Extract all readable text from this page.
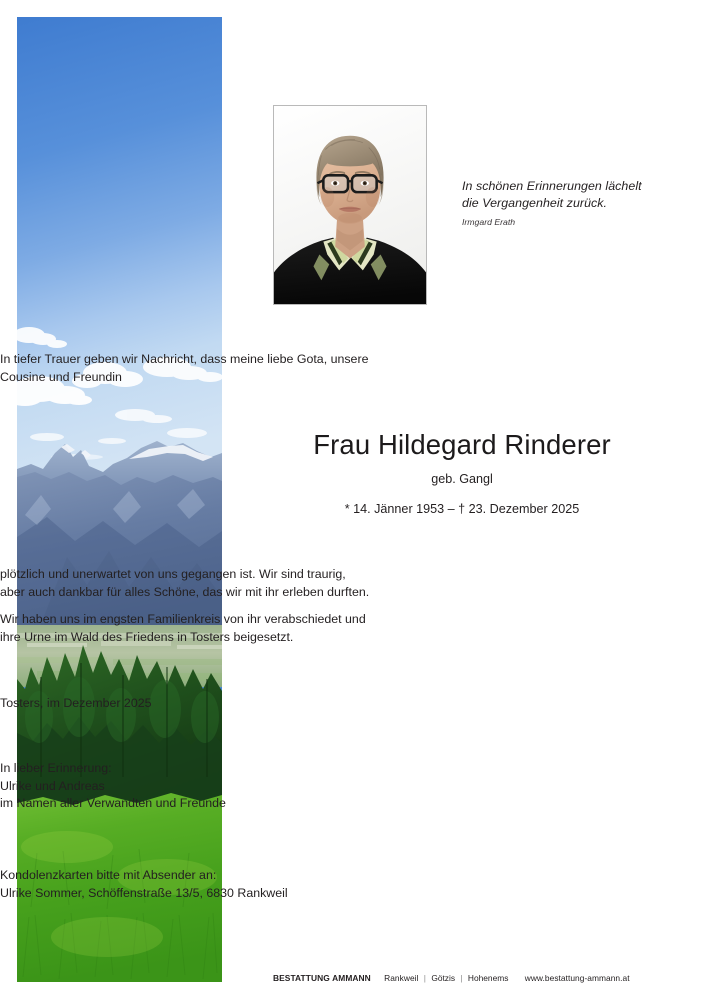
In schönen Erinnerungen lächelt
die Vergangenheit zurück.
Irmgard Erath
In tiefer Trauer geben wir Nachricht, dass meine liebe Gota, unsere
Cousine und Freundin
Frau Hildegard Rinderer
geb. Gangl
* 14. Jänner 1953 – † 23. Dezember 2025
plötzlich und unerwartet von uns gegangen ist. Wir sind traurig,
aber auch dankbar für alles Schöne, das wir mit ihr erleben durften.
Wir haben uns im engsten Familienkreis von ihr verabschiedet und
ihre Urne im Wald des Friedens in Tosters beigesetzt.
Tosters, im Dezember 2025
In lieber Erinnerung:
Ulrike und Andreas
im Namen aller Verwandten und Freunde
Kondolenzkarten bitte mit Absender an:
Ulrike Sommer, Schöffenstraße 13/5, 6830 Rankweil
BESTATTUNG AMMANN Rankweil | Götzis | Hohenems www.bestattung-ammann.at
